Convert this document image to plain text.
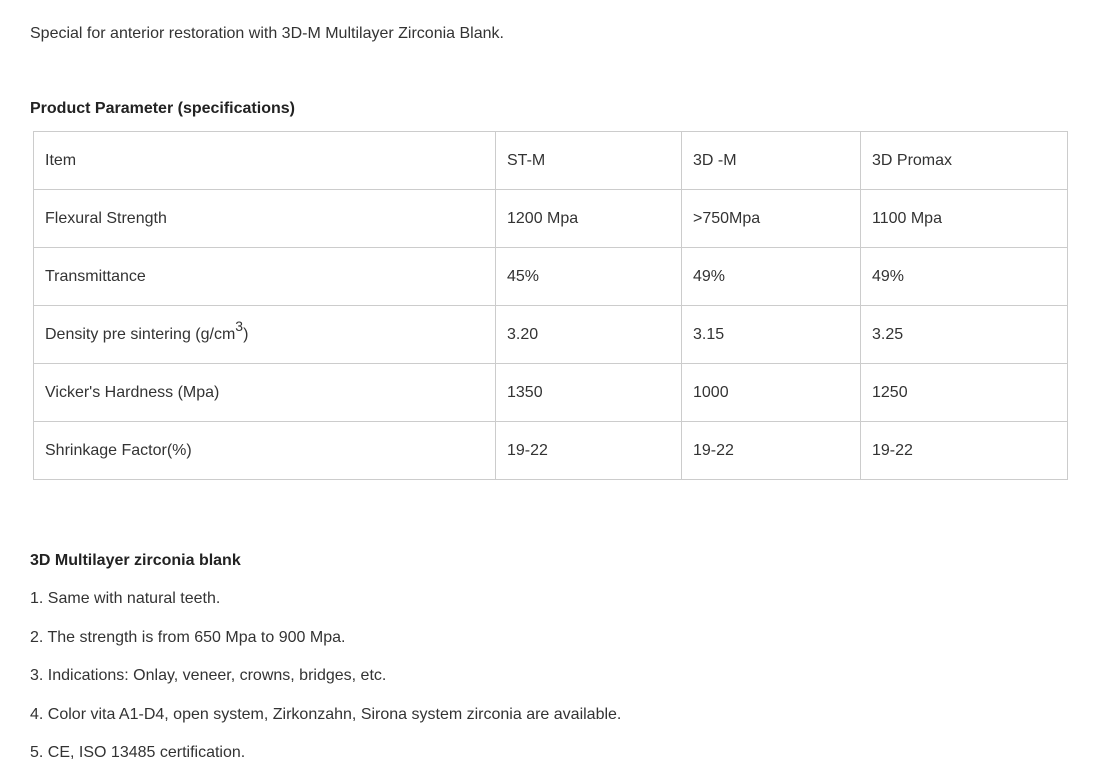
Special for anterior restoration with 3D-M Multilayer Zirconia Blank.

Product Parameter (specifications)
Item	ST-M	3D -M	3D Promax
Flexural Strength	1200 Mpa	>750Mpa	1100 Mpa
Transmittance	45%	49%	49%
Density pre sintering $(g/cm^3)$	3.20	3.15	3.25
Vicker's Hardness (Mpa)	1350	1000	1250
Shrinkage Factor(%)	19-22	19-22	19-22
3D Multilayer zirconia blank
1. Same with natural teeth.
2. The strength is from 650 Mpa to 900 Mpa.
3. Indications: Onlay, veneer, crowns, bridges, etc.
4. Color vita A1-D4, open system, Zirkonzahn, Sirona system zirconia are available.
5. CE, ISO 13485 certification.
